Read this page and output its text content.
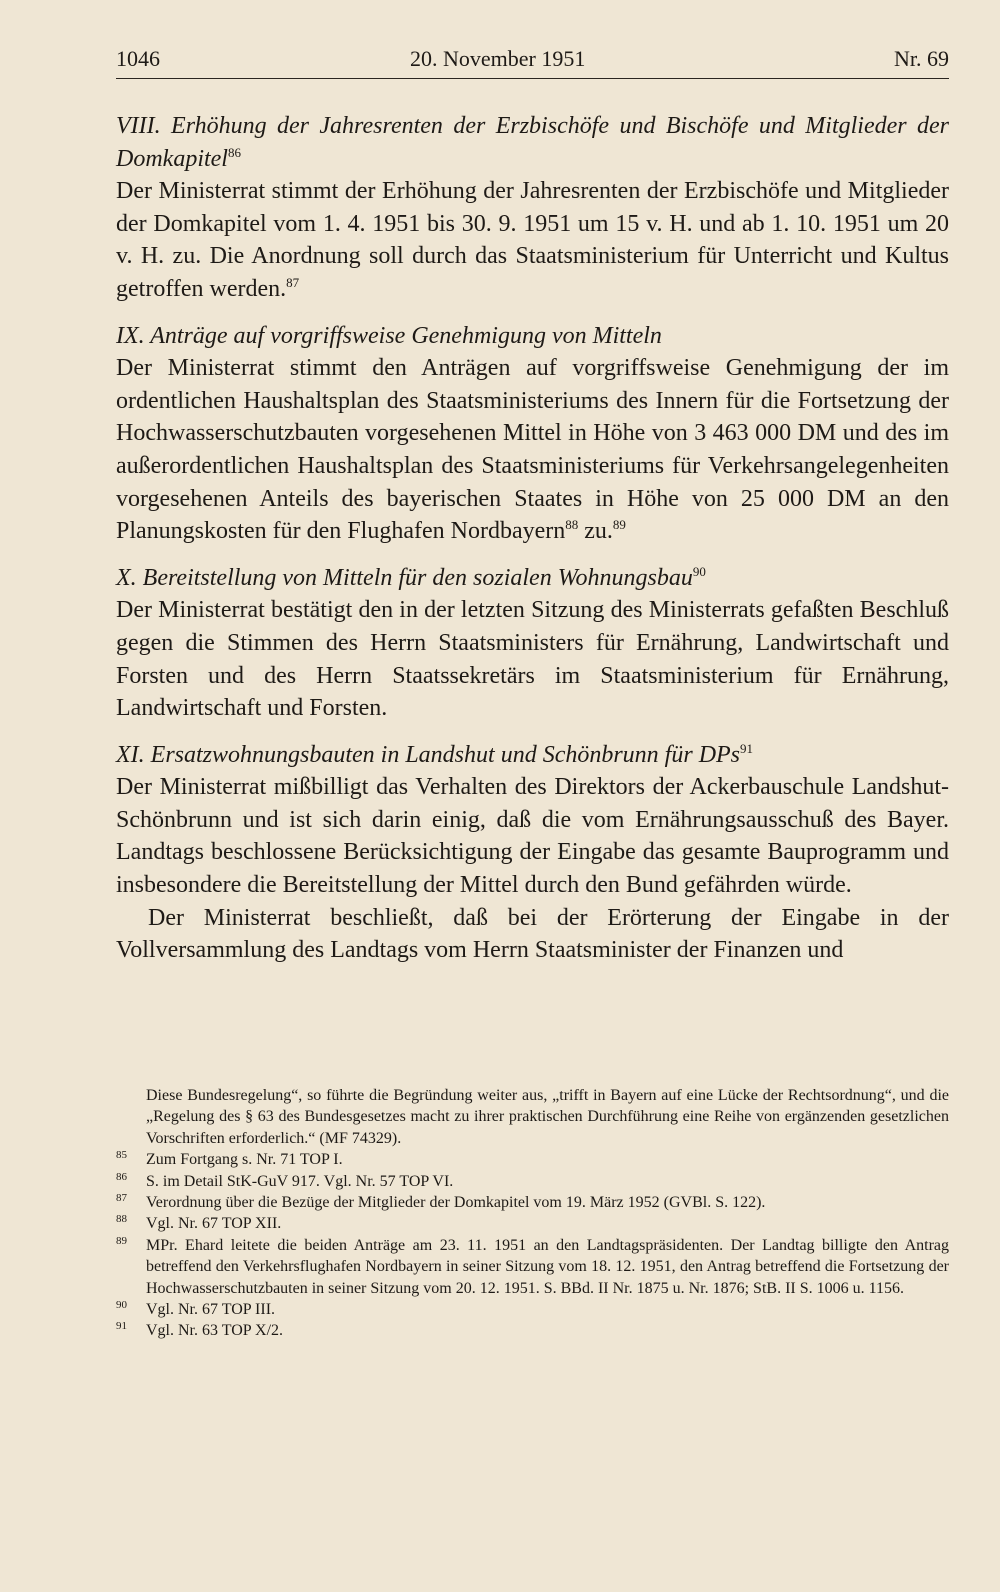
1046	20. November 1951	Nr. 69

VIII. Erhöhung der Jahresrenten der Erzbischöfe und Bischöfe und Mitglieder der Domkapitel$^{86}$

Der Ministerrat stimmt der Erhöhung der Jahresrenten der Erzbischöfe und Mitglieder der Domkapitel vom 1. 4. 1951 bis 30. 9. 1951 um 15 v. H. und ab 1. 10. 1951 um 20 v. H. zu. Die Anordnung soll durch das Staatsministerium für Unterricht und Kultus getroffen werden.$^{87}$

IX. Anträge auf vorgriffsweise Genehmigung von Mitteln

Der Ministerrat stimmt den Anträgen auf vorgriffsweise Genehmigung der im ordentlichen Haushaltsplan des Staatsministeriums des Innern für die Fortsetzung der Hochwasserschutzbauten vorgesehenen Mittel in Höhe von 3 463 000 DM und des im außerordentlichen Haushaltsplan des Staatsministeriums für Verkehrsangelegenheiten vorgesehenen Anteils des bayerischen Staates in Höhe von 25 000 DM an den Planungskosten für den Flughafen Nordbayern$^{88}$ zu.$^{89}$

X. Bereitstellung von Mitteln für den sozialen Wohnungsbau$^{90}$

Der Ministerrat bestätigt den in der letzten Sitzung des Ministerrats gefaßten Beschluß gegen die Stimmen des Herrn Staatsministers für Ernährung, Landwirtschaft und Forsten und des Herrn Staatssekretärs im Staatsministerium für Ernährung, Landwirtschaft und Forsten.

XI. Ersatzwohnungsbauten in Landshut und Schönbrunn für DPs$^{91}$

Der Ministerrat mißbilligt das Verhalten des Direktors der Ackerbauschule Landshut-Schönbrunn und ist sich darin einig, daß die vom Ernährungsausschuß des Bayer. Landtags beschlossene Berücksichtigung der Eingabe das gesamte Bauprogramm und insbesondere die Bereitstellung der Mittel durch den Bund gefährden würde.

Der Ministerrat beschließt, daß bei der Erörterung der Eingabe in der Vollversammlung des Landtags vom Herrn Staatsminister der Finanzen und

Diese Bundesregelung“, so führte die Begründung weiter aus, „trifft in Bayern auf eine Lücke der Rechtsordnung“, und die „Regelung des § 63 des Bundesgesetzes macht zu ihrer praktischen Durchführung eine Reihe von ergänzenden gesetzlichen Vorschriften erforderlich.“ (MF 74329).

85	Zum Fortgang s. Nr. 71 TOP I.

86	S. im Detail StK-GuV 917. Vgl. Nr. 57 TOP VI.

87	Verordnung über die Bezüge der Mitglieder der Domkapitel vom 19. März 1952 (GVBl. S. 122).

88	Vgl. Nr. 67 TOP XII.

89	MPr. Ehard leitete die beiden Anträge am 23. 11. 1951 an den Landtagspräsidenten. Der Landtag billigte den Antrag betreffend den Verkehrsflughafen Nordbayern in seiner Sitzung vom 18. 12. 1951, den Antrag betreffend die Fortsetzung der Hochwasserschutzbauten in seiner Sitzung vom 20. 12. 1951. S. BBd. II Nr. 1875 u. Nr. 1876; StB. II S. 1006 u. 1156.

90	Vgl. Nr. 67 TOP III.

91	Vgl. Nr. 63 TOP X/2.
